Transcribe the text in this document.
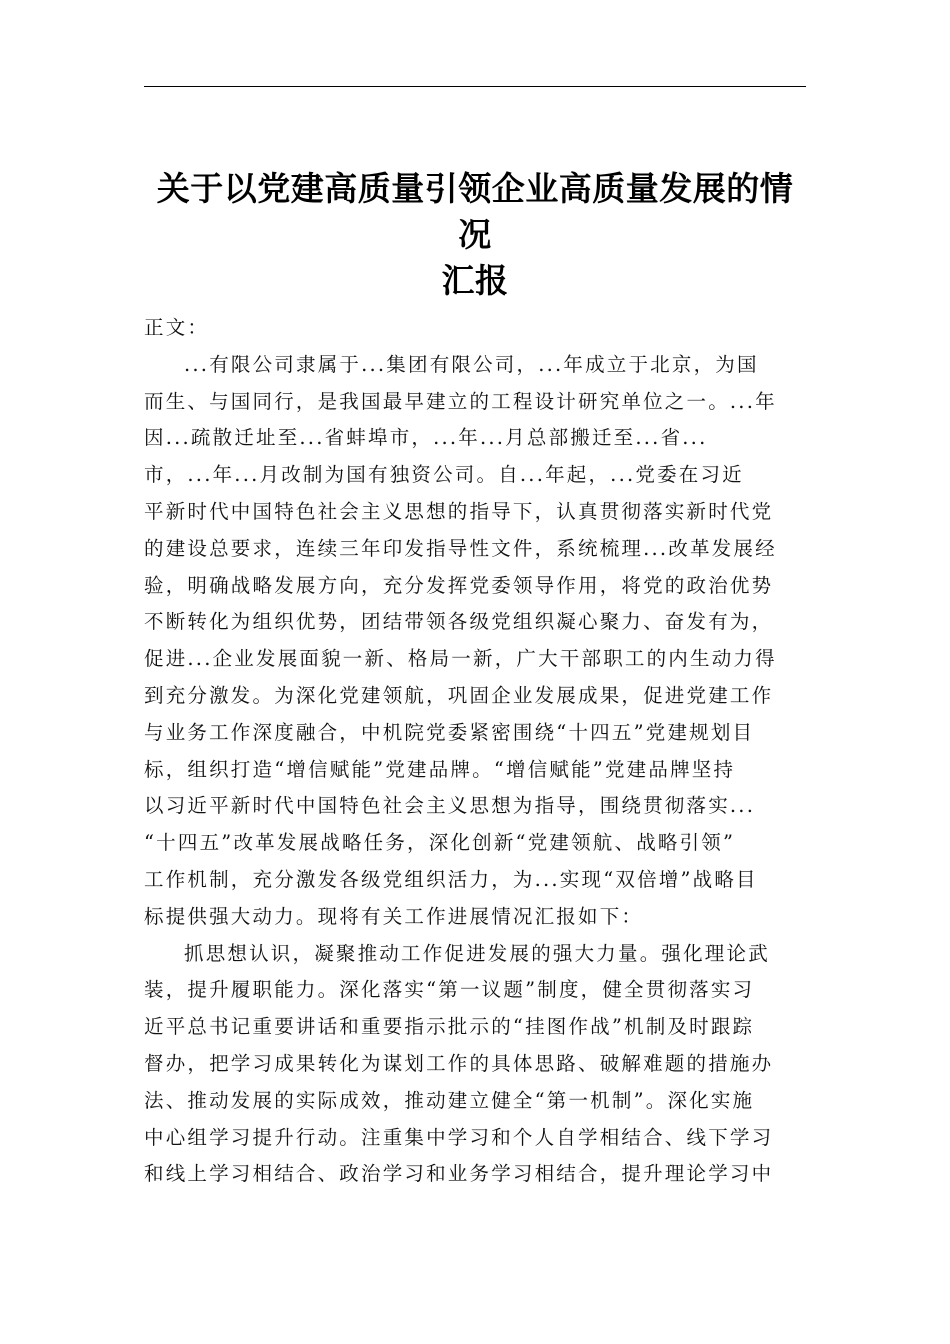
关于以党建高质量引领企业高质量发展的情况
汇报
正文：
...有限公司隶属于...集团有限公司，...年成立于北京，为国
而生、与国同行，是我国最早建立的工程设计研究单位之一。...年
因...疏散迁址至...省蚌埠市，...年...月总部搬迁至...省...
市，...年...月改制为国有独资公司。自...年起，...党委在习近
平新时代中国特色社会主义思想的指导下，认真贯彻落实新时代党
的建设总要求，连续三年印发指导性文件，系统梳理...改革发展经
验，明确战略发展方向，充分发挥党委领导作用，将党的政治优势
不断转化为组织优势，团结带领各级党组织凝心聚力、奋发有为，
促进...企业发展面貌一新、格局一新，广大干部职工的内生动力得
到充分激发。为深化党建领航，巩固企业发展成果，促进党建工作
与业务工作深度融合，中机院党委紧密围绕“十四五”党建规划目
标，组织打造“增信赋能”党建品牌。“增信赋能”党建品牌坚持
以习近平新时代中国特色社会主义思想为指导，围绕贯彻落实...
“十四五”改革发展战略任务，深化创新“党建领航、战略引领”
工作机制，充分激发各级党组织活力，为...实现“双倍增”战略目
标提供强大动力。现将有关工作进展情况汇报如下：
抓思想认识，凝聚推动工作促进发展的强大力量。强化理论武
装，提升履职能力。深化落实“第一议题”制度，健全贯彻落实习
近平总书记重要讲话和重要指示批示的“挂图作战”机制及时跟踪
督办，把学习成果转化为谋划工作的具体思路、破解难题的措施办
法、推动发展的实际成效，推动建立健全“第一机制”。深化实施
中心组学习提升行动。注重集中学习和个人自学相结合、线下学习
和线上学习相结合、政治学习和业务学习相结合，提升理论学习中
